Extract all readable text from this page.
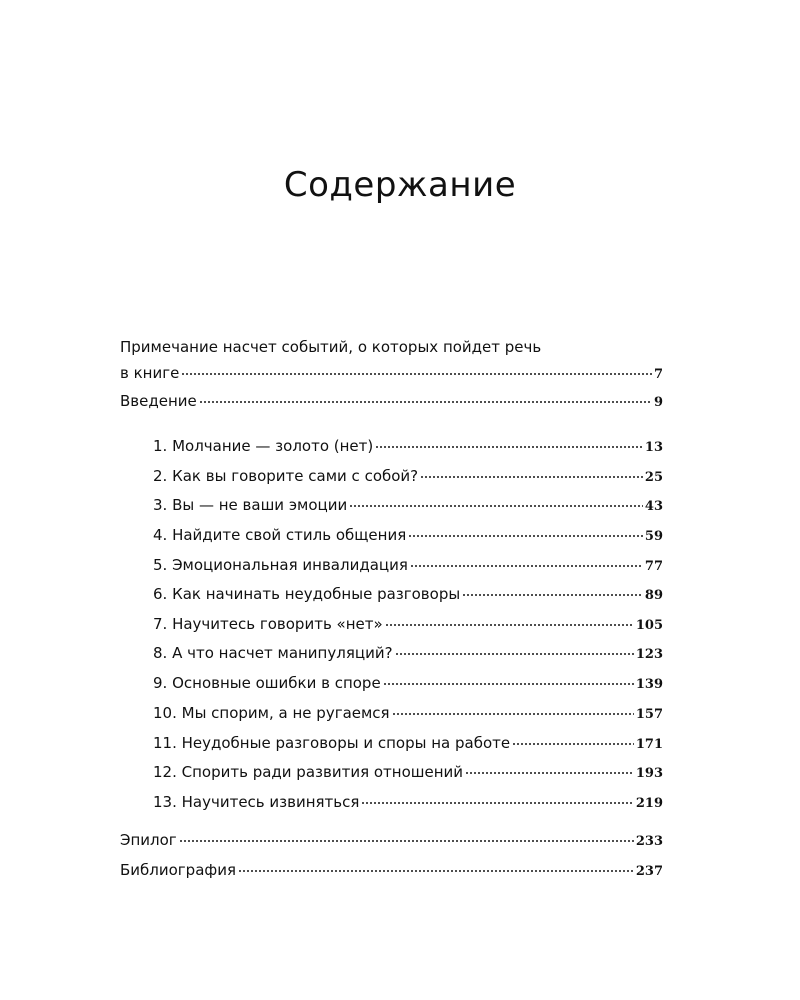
Содержание
Примечание насчет событий, о которых пойдет речь
в книге	7
Введение	9
1. Молчание — золото (нет)	13
2. Как вы говорите сами с собой?	25
3. Вы — не ваши эмоции	43
4. Найдите свой стиль общения	59
5. Эмоциональная инвалидация	77
6. Как начинать неудобные разговоры	89
7. Научитесь говорить «нет»	105
8. А что насчет манипуляций?	123
9. Основные ошибки в споре	139
10. Мы спорим, а не ругаемся	157
11. Неудобные разговоры и споры на работе	171
12. Спорить ради развития отношений	193
13. Научитесь извиняться	219
Эпилог	233
Библиография	237
